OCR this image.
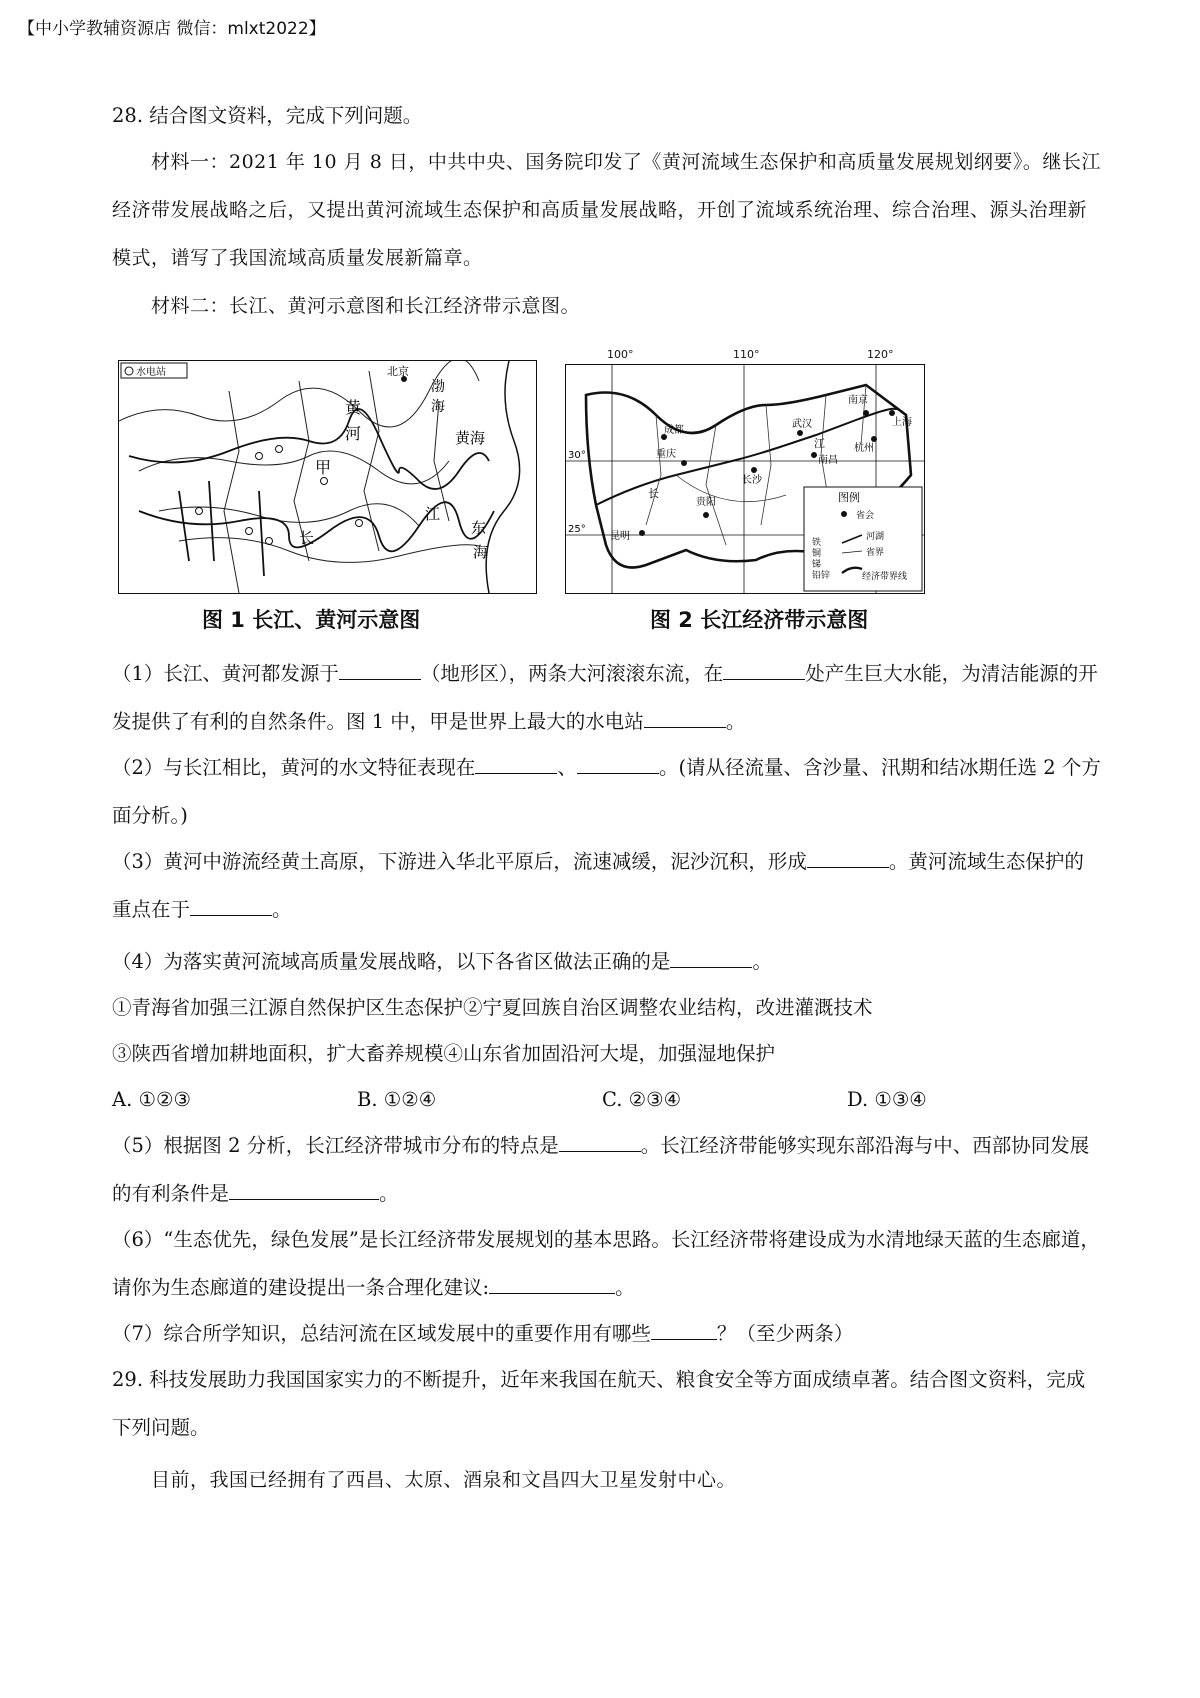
【中小学教辅资源店 微信：mlxt2022】

28. 结合图文资料，完成下列问题。

材料一：2021 年 10 月 8 日，中共中央、国务院印发了《黄河流域生态保护和高质量发展规划纲要》。继长江经济带发展战略之后，又提出黄河流域生态保护和高质量发展战略，开创了流域系统治理、综合治理、源头治理新模式，谱写了我国流域高质量发展新篇章。

材料二：长江、黄河示意图和长江经济带示意图。

水电站	北京
渤
海
黄
河	黄海
甲
长
江
东
海
图 1 长江、黄河示意图
100°	110°	120°
30°
25°
南京
上海
武汉
成都
重庆
杭州
南昌
长沙
贵阳
昆明
长
江
图例
省会
铁
铜
锑
铅锌
河湖
省界
经济带界线
图 2 长江经济带示意图

（1）长江、黄河都发源于	（地形区），两条大河滚滚东流，在	处产生巨大水能，为清洁能源的开发提供了有利的自然条件。图 1 中，甲是世界上最大的水电站	。

（2）与长江相比，黄河的水文特征表现在	、	。(请从径流量、含沙量、汛期和结冰期任选 2 个方面分析。)

（3）黄河中游流经黄土高原，下游进入华北平原后，流速减缓，泥沙沉积，形成	。黄河流域生态保护的重点在于	。

（4）为落实黄河流域高质量发展战略，以下各省区做法正确的是	。

①青海省加强三江源自然保护区生态保护②宁夏回族自治区调整农业结构，改进灌溉技术

③陕西省增加耕地面积，扩大畜养规模④山东省加固沿河大堤，加强湿地保护

A. ①②③	B. ①②④	C. ②③④	D. ①③④

（5）根据图 2 分析，长江经济带城市分布的特点是	。长江经济带能够实现东部沿海与中、西部协同发展的有利条件是	。

（6）“生态优先，绿色发展”是长江经济带发展规划的基本思路。长江经济带将建设成为水清地绿天蓝的生态廊道，请你为生态廊道的建设提出一条合理化建议:	。

（7）综合所学知识，总结河流在区域发展中的重要作用有哪些	？（至少两条）

29. 科技发展助力我国国家实力的不断提升，近年来我国在航天、粮食安全等方面成绩卓著。结合图文资料，完成下列问题。

目前，我国已经拥有了西昌、太原、酒泉和文昌四大卫星发射中心。
